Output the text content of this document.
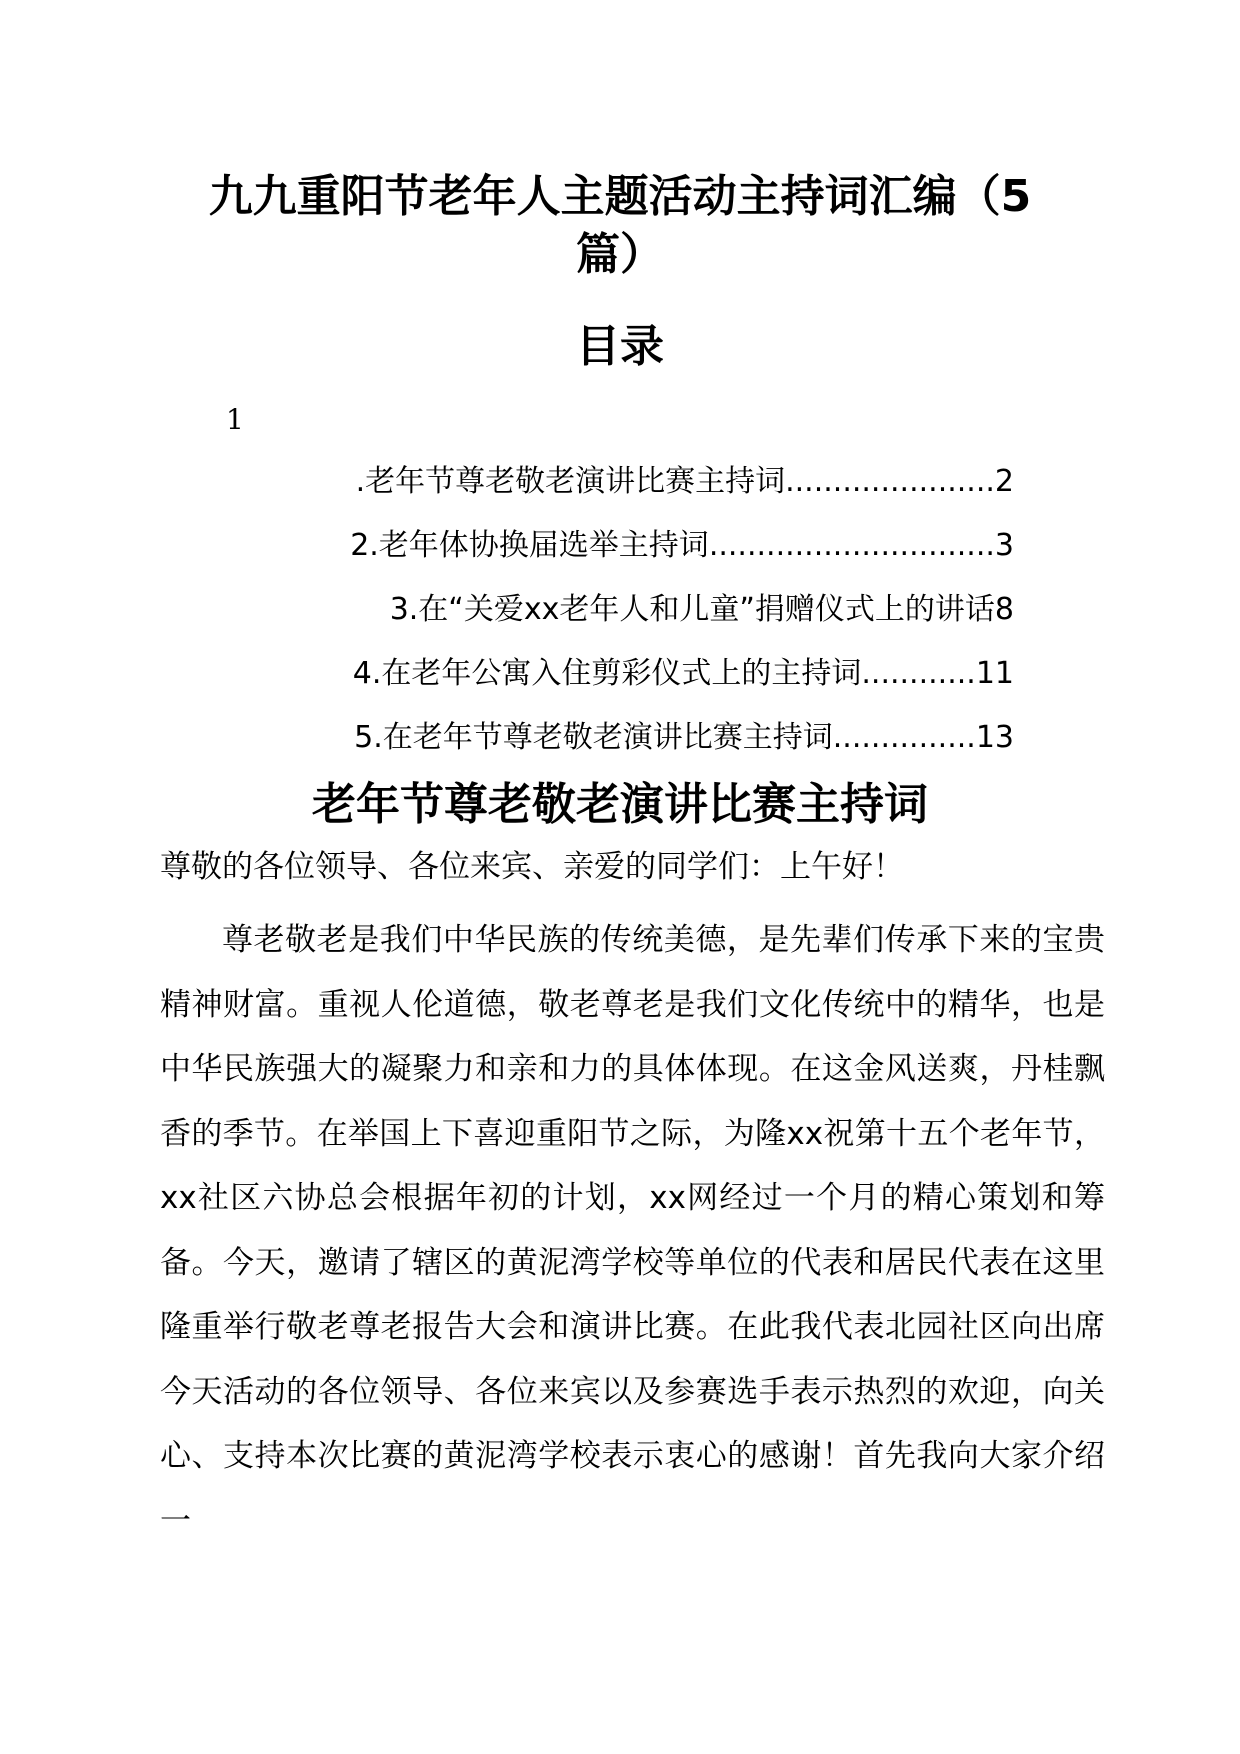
九九重阳节老年人主题活动主持词汇编（5
篇）
目录
1
.老年节尊老敬老演讲比赛主持词......................2
2.老年体协换届选举主持词..............................3
3.在“关爱xx老年人和儿童”捐赠仪式上的讲话8
4.在老年公寓入住剪彩仪式上的主持词............11
5.在老年节尊老敬老演讲比赛主持词...............13
老年节尊老敬老演讲比赛主持词

尊敬的各位领导、各位来宾、亲爱的同学们：上午好！

尊老敬老是我们中华民族的传统美德，是先辈们传承下来的宝贵精神财富。重视人伦道德，敬老尊老是我们文化传统中的精华，也是中华民族强大的凝聚力和亲和力的具体体现。在这金风送爽，丹桂飘香的季节。在举国上下喜迎重阳节之际，为隆xx祝第十五个老年节，xx社区六协总会根据年初的计划，xx网经过一个月的精心策划和筹备。今天，邀请了辖区的黄泥湾学校等单位的代表和居民代表在这里隆重举行敬老尊老报告大会和演讲比赛。在此我代表北园社区向出席今天活动的各位领导、各位来宾以及参赛选手表示热烈的欢迎，向关心、支持本次比赛的黄泥湾学校表示衷心的感谢！首先我向大家介绍一
